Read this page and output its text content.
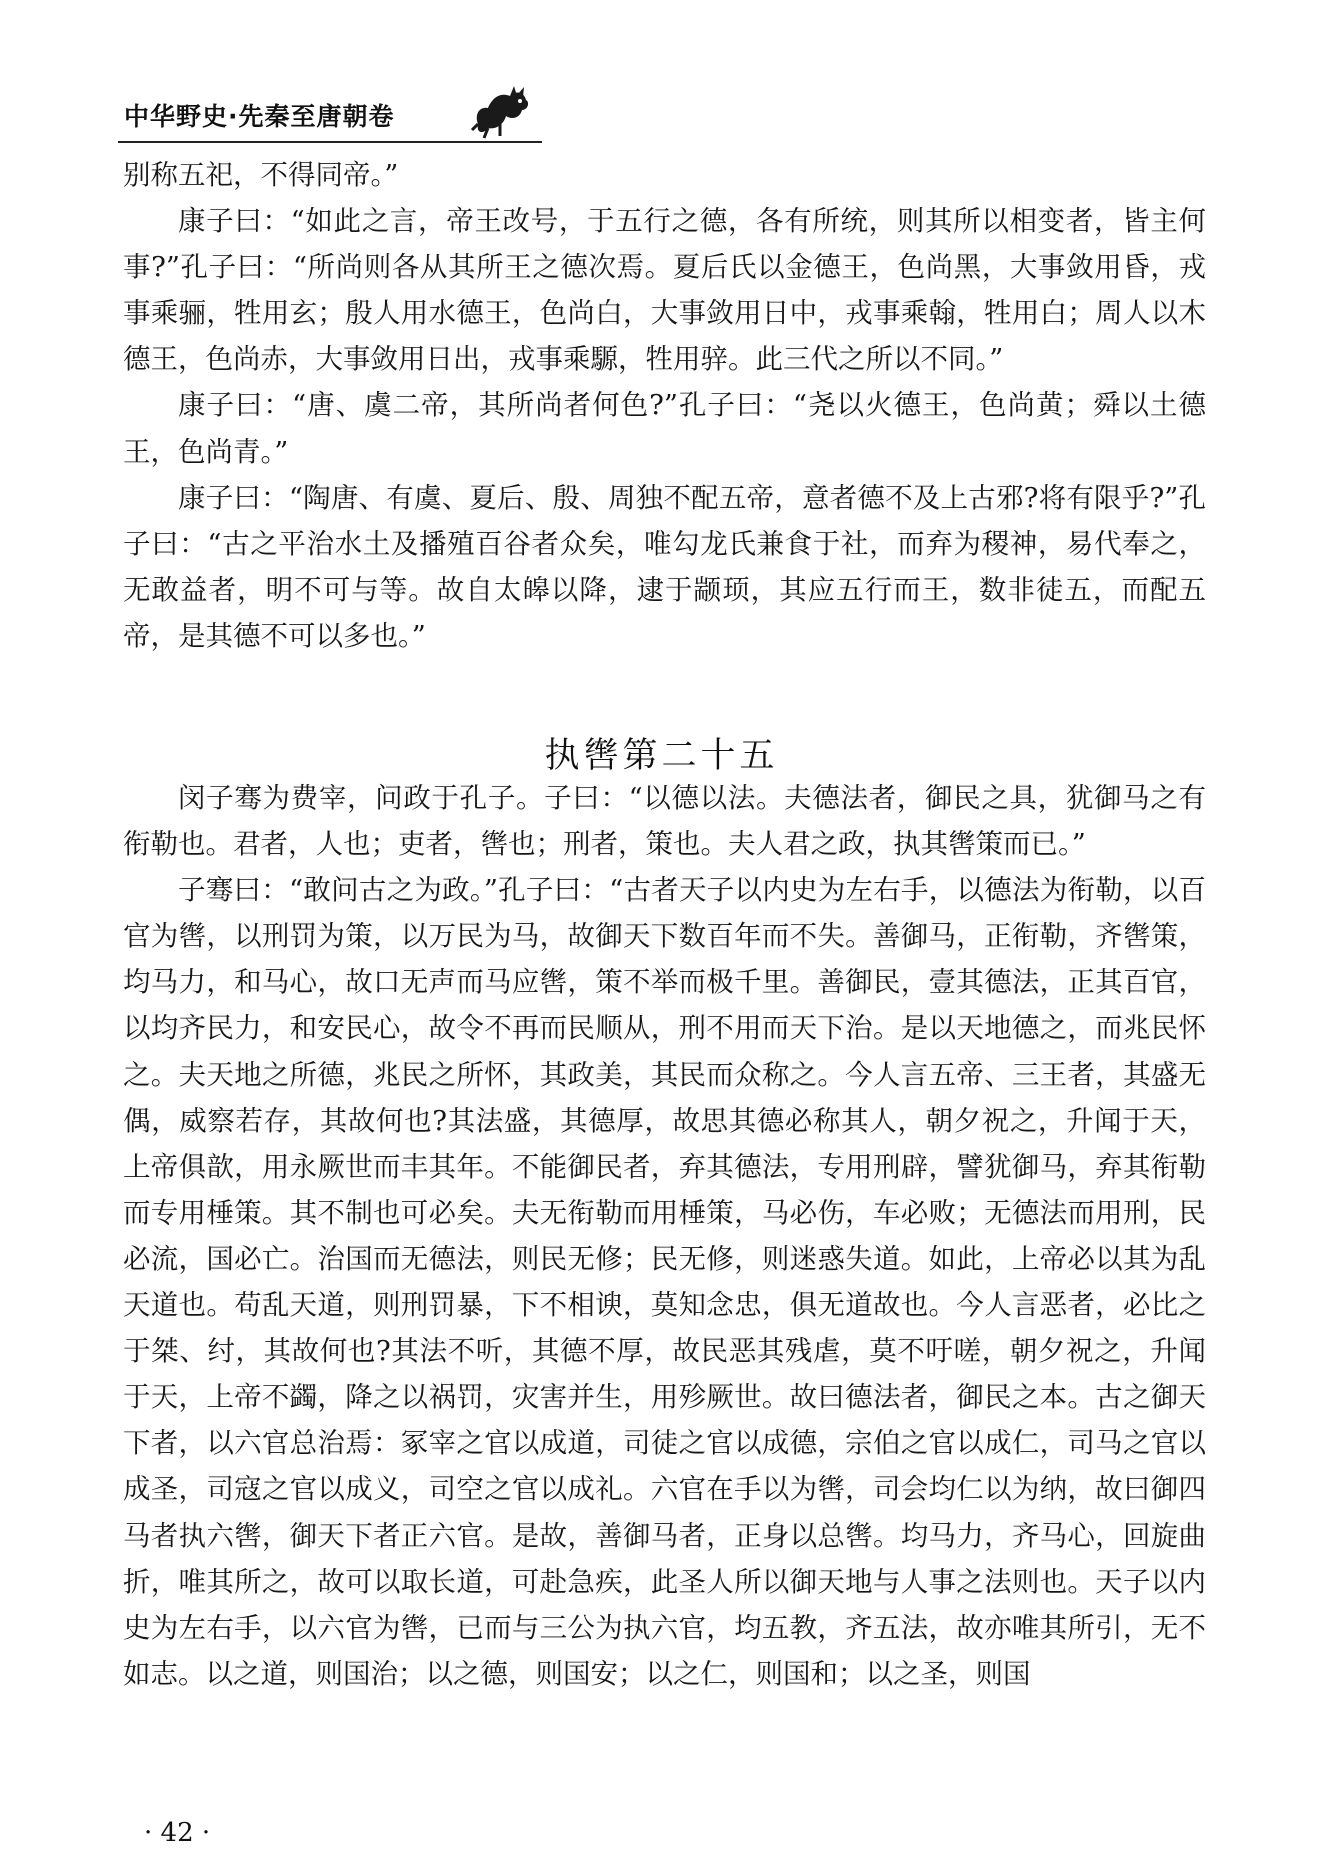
中华野史·先秦至唐朝卷

别称五祀，不得同帝。”

康子曰：“如此之言，帝王改号，于五行之德，各有所统，则其所以相变者，皆主何事?”孔子曰：“所尚则各从其所王之德次焉。夏后氏以金德王，色尚黑，大事敛用昏，戎事乘骊，牲用玄；殷人用水德王，色尚白，大事敛用日中，戎事乘翰，牲用白；周人以木德王，色尚赤，大事敛用日出，戎事乘騵，牲用骍。此三代之所以不同。”

康子曰：“唐、虞二帝，其所尚者何色?”孔子曰：“尧以火德王，色尚黄；舜以土德王，色尚青。”

康子曰：“陶唐、有虞、夏后、殷、周独不配五帝，意者德不及上古邪?将有限乎?”孔子曰：“古之平治水土及播殖百谷者众矣，唯勾龙氏兼食于社，而弃为稷神，易代奉之，无敢益者，明不可与等。故自太皞以降，逮于颛顼，其应五行而王，数非徒五，而配五帝，是其德不可以多也。”

执辔第二十五

闵子骞为费宰，问政于孔子。子曰：“以德以法。夫德法者，御民之具，犹御马之有衔勒也。君者，人也；吏者，辔也；刑者，策也。夫人君之政，执其辔策而已。”

子骞曰：“敢问古之为政。”孔子曰：“古者天子以内史为左右手，以德法为衔勒，以百官为辔，以刑罚为策，以万民为马，故御天下数百年而不失。善御马，正衔勒，齐辔策，均马力，和马心，故口无声而马应辔，策不举而极千里。善御民，壹其德法，正其百官，以均齐民力，和安民心，故令不再而民顺从，刑不用而天下治。是以天地德之，而兆民怀之。夫天地之所德，兆民之所怀，其政美，其民而众称之。今人言五帝、三王者，其盛无偶，威察若存，其故何也?其法盛，其德厚，故思其德必称其人，朝夕祝之，升闻于天，上帝俱歆，用永厥世而丰其年。不能御民者，弃其德法，专用刑辟，譬犹御马，弃其衔勒而专用棰策。其不制也可必矣。夫无衔勒而用棰策，马必伤，车必败；无德法而用刑，民必流，国必亡。治国而无德法，则民无修；民无修，则迷惑失道。如此，上帝必以其为乱天道也。苟乱天道，则刑罚暴，下不相谀，莫知念忠，俱无道故也。今人言恶者，必比之于桀、纣，其故何也?其法不听，其德不厚，故民恶其残虐，莫不吁嗟，朝夕祝之，升闻于天，上帝不蠲，降之以祸罚，灾害并生，用殄厥世。故曰德法者，御民之本。古之御天下者，以六官总治焉：冢宰之官以成道，司徒之官以成德，宗伯之官以成仁，司马之官以成圣，司寇之官以成义，司空之官以成礼。六官在手以为辔，司会均仁以为纳，故曰御四马者执六辔，御天下者正六官。是故，善御马者，正身以总辔。均马力，齐马心，回旋曲折，唯其所之，故可以取长道，可赴急疾，此圣人所以御天地与人事之法则也。天子以内史为左右手，以六官为辔，已而与三公为执六官，均五教，齐五法，故亦唯其所引，无不如志。以之道，则国治；以之德，则国安；以之仁，则国和；以之圣，则国

· 42 ·
